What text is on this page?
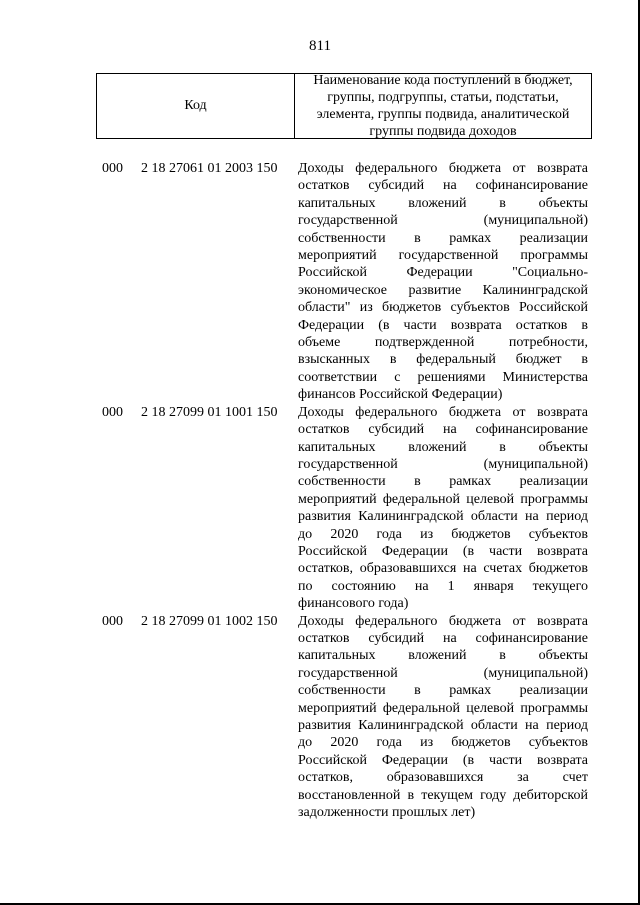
811
Код
Наименование кода поступлений в бюджет, группы, подгруппы, статьи, подстатьи, элемента, группы подвида, аналитической группы подвида доходов
000 2 18 27061 01 2003 150 Доходы федерального бюджета от возврата
остатков субсидий на софинансирование
капитальных вложений в объекты
государственной (муниципальной)
собственности в рамках реализации
мероприятий государственной программы
Российской Федерации "Социально-
экономическое развитие Калининградской
области" из бюджетов субъектов Российской
Федерации (в части возврата остатков в
объеме подтвержденной потребности,
взысканных в федеральный бюджет в
соответствии с решениями Министерства
финансов Российской Федерации)
000 2 18 27099 01 1001 150 Доходы федерального бюджета от возврата
остатков субсидий на софинансирование
капитальных вложений в объекты
государственной (муниципальной)
собственности в рамках реализации
мероприятий федеральной целевой программы
развития Калининградской области на период
до 2020 года из бюджетов субъектов
Российской Федерации (в части возврата
остатков, образовавшихся на счетах бюджетов
по состоянию на 1 января текущего
финансового года)
000 2 18 27099 01 1002 150 Доходы федерального бюджета от возврата
остатков субсидий на софинансирование
капитальных вложений в объекты
государственной (муниципальной)
собственности в рамках реализации
мероприятий федеральной целевой программы
развития Калининградской области на период
до 2020 года из бюджетов субъектов
Российской Федерации (в части возврата
остатков, образовавшихся за счет
восстановленной в текущем году дебиторской
задолженности прошлых лет)
